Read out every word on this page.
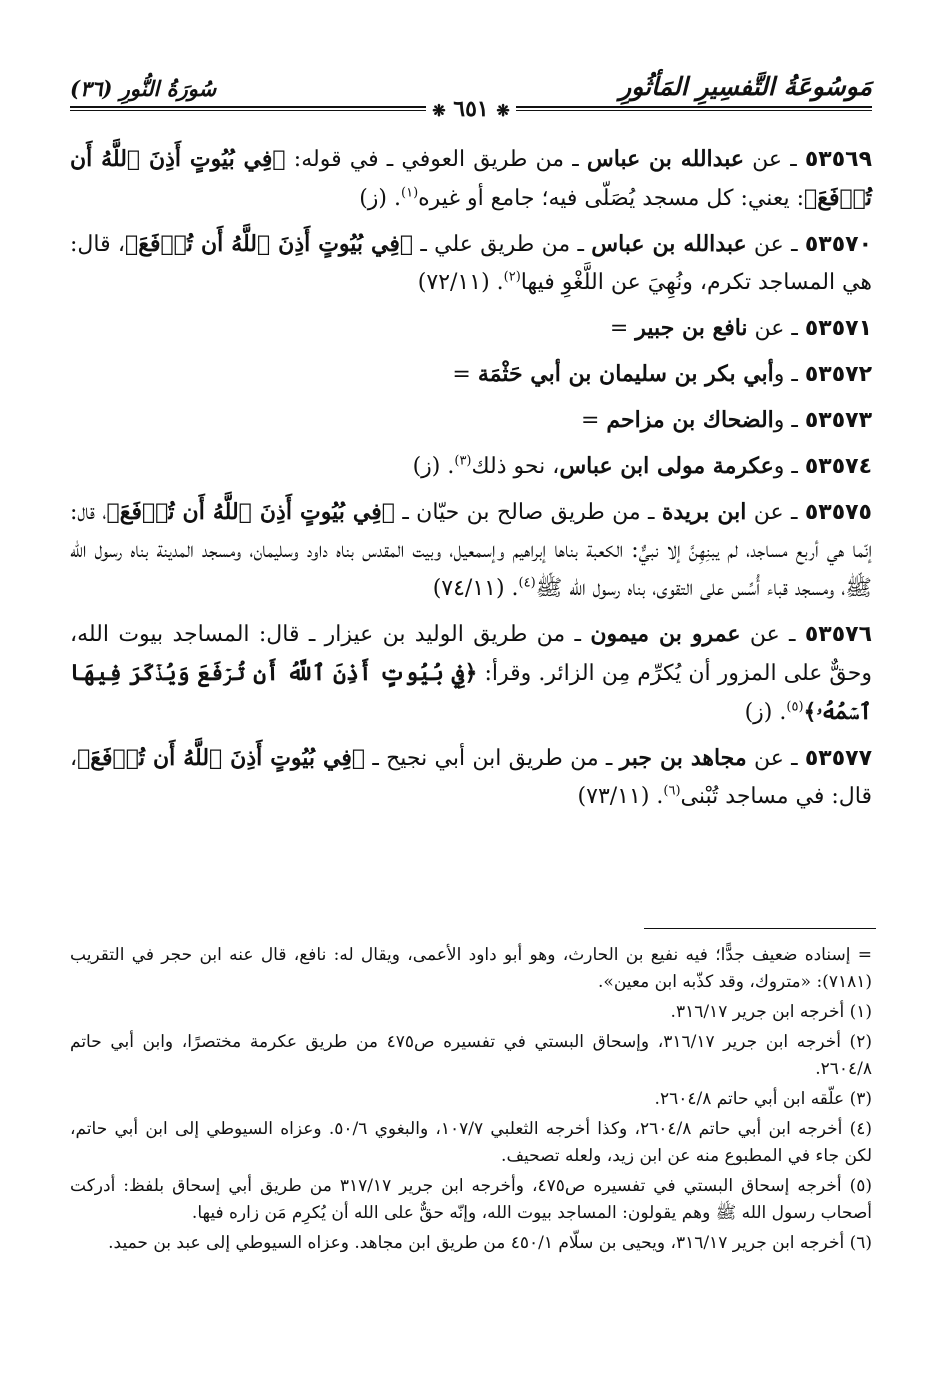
مَوسُوعَةُ التَّفسِيرِ المَأثُورِ
سُورَةُ النُّورِ (٣٦)
❋ ٦٥١ ❋

٥٣٥٦٩ ـ عن عبدالله بن عباس ـ من طريق العوفي ـ في قوله: ﴿فِي بُيُوتٍ أَذِنَ ٱللَّهُ أَن تُرۡفَعَ﴾: يعني: كل مسجد يُصَلّى فيه؛ جامع أو غيره$^{(١)}$. (ز)

٥٣٥٧٠ ـ عن عبدالله بن عباس ـ من طريق علي ـ ﴿فِي بُيُوتٍ أَذِنَ ٱللَّهُ أَن تُرۡفَعَ﴾، قال: هي المساجد تكرم، ونُهِيَ عن اللَّغْوِ فيها$^{(٢)}$. (٧٢/١١)

٥٣٥٧١ ـ عن نافع بن جبير =

٥٣٥٧٢ ـ وأبي بكر بن سليمان بن أبي حَثْمَة =

٥٣٥٧٣ ـ والضحاك بن مزاحم =

٥٣٥٧٤ ـ وعكرمة مولى ابن عباس، نحو ذلك$^{(٣)}$. (ز)

٥٣٥٧٥ ـ عن ابن بريدة ـ من طريق صالح بن حيّان ـ ﴿فِي بُيُوتٍ أَذِنَ ٱللَّهُ أَن تُرۡفَعَ﴾، قال: إنّما هي أربع مساجد، لم يبنِهِنَّ إلا نبيٌّ: الكعبة بناها إبراهيم وإسمعيل، وبيت المقدس بناه داود وسليمان، ومسجد المدينة بناه رسول الله ﷺ، ومسجد قباء أُسِّس على التقوى، بناه رسول الله ﷺ$^{(٤)}$. (٧٤/١١)

٥٣٥٧٦ ـ عن عمرو بن ميمون ـ من طريق الوليد بن عيزار ـ قال: المساجد بيوت الله، وحقٌّ على المزور أن يُكرِّم مِن الزائر. وقرأ: ﴿فِي بُيُوتٍ أَذِنَ ٱللَّهُ أَن تُرۡفَعَ وَيُذۡكَرَ فِيهَا ٱسۡمُهُۥ﴾$^{(٥)}$. (ز)

٥٣٥٧٧ ـ عن مجاهد بن جبر ـ من طريق ابن أبي نجيح ـ ﴿فِي بُيُوتٍ أَذِنَ ٱللَّهُ أَن تُرۡفَعَ﴾، قال: في مساجد تُبْنى$^{(٦)}$. (٧٣/١١)

= إسناده ضعيف جدًّا؛ فيه نفيع بن الحارث، وهو أبو داود الأعمى، ويقال له: نافع، قال عنه ابن حجر في التقريب (٧١٨١): «متروك، وقد كذّبه ابن معين».

(١) أخرجه ابن جرير ٣١٦/١٧.

(٢) أخرجه ابن جرير ٣١٦/١٧، وإسحاق البستي في تفسيره ص٤٧٥ من طريق عكرمة مختصرًا، وابن أبي حاتم ٢٦٠٤/٨.

(٣) علّقه ابن أبي حاتم ٢٦٠٤/٨.

(٤) أخرجه ابن أبي حاتم ٢٦٠٤/٨، وكذا أخرجه الثعلبي ١٠٧/٧، والبغوي ٥٠/٦. وعزاه السيوطي إلى ابن أبي حاتم، لكن جاء في المطبوع منه عن ابن زيد، ولعله تصحيف.

(٥) أخرجه إسحاق البستي في تفسيره ص٤٧٥، وأخرجه ابن جرير ٣١٧/١٧ من طريق أبي إسحاق بلفظ: أدركت أصحاب رسول الله ﷺ وهم يقولون: المساجد بيوت الله، وإنّه حقٌّ على الله أن يُكرِم مَن زاره فيها.

(٦) أخرجه ابن جرير ٣١٦/١٧، ويحيى بن سلّام ٤٥٠/١ من طريق ابن مجاهد. وعزاه السيوطي إلى عبد بن حميد.
